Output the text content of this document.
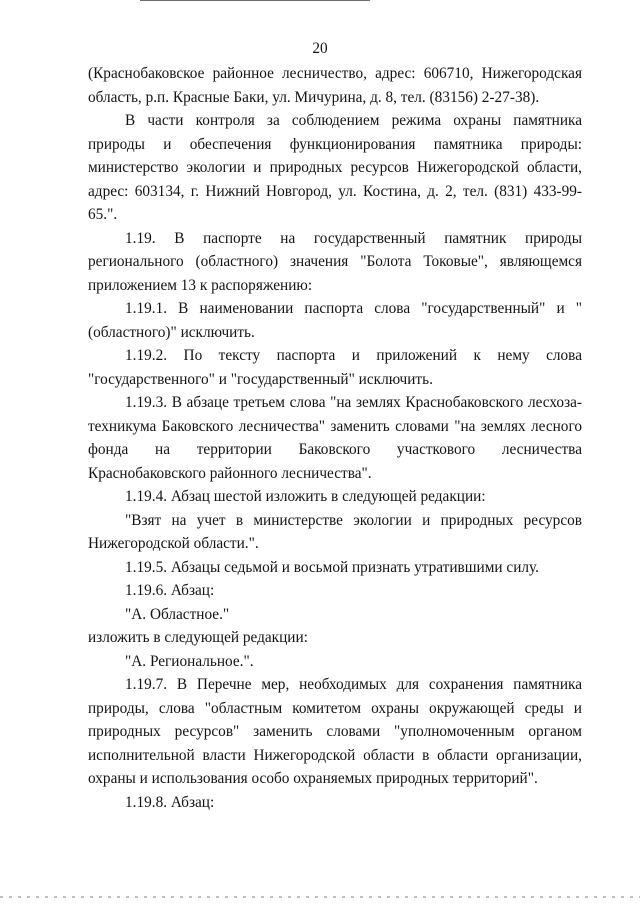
20

(Краснобаковское районное лесничество, адрес: 606710, Нижегородская область, р.п. Красные Баки, ул. Мичурина, д. 8, тел. (83156) 2-27-38).

В части контроля за соблюдением режима охраны памятника природы и обеспечения функционирования памятника природы: министерство экологии и природных ресурсов Нижегородской области, адрес: 603134, г. Нижний Новгород, ул. Костина, д. 2, тел. (831) 433-99-65.".

1.19. В паспорте на государственный памятник природы регионального (областного) значения "Болота Токовые", являющемся приложением 13 к распоряжению:

1.19.1. В наименовании паспорта слова "государственный" и "(областного)" исключить.

1.19.2. По тексту паспорта и приложений к нему слова "государственного" и "государственный" исключить.

1.19.3. В абзаце третьем слова "на землях Краснобаковского лесхоза-техникума Баковского лесничества" заменить словами "на землях лесного фонда на территории Баковского участкового лесничества Краснобаковского районного лесничества".

1.19.4. Абзац шестой изложить в следующей редакции:

"Взят на учет в министерстве экологии и природных ресурсов Нижегородской области.".

1.19.5. Абзацы седьмой и восьмой признать утратившими силу.

1.19.6. Абзац:

"А. Областное."

изложить в следующей редакции:

"А. Региональное.".

1.19.7. В Перечне мер, необходимых для сохранения памятника природы, слова "областным комитетом охраны окружающей среды и природных ресурсов" заменить словами "уполномоченным органом исполнительной власти Нижегородской области в области организации, охраны и использования особо охраняемых природных территорий".

1.19.8. Абзац:
